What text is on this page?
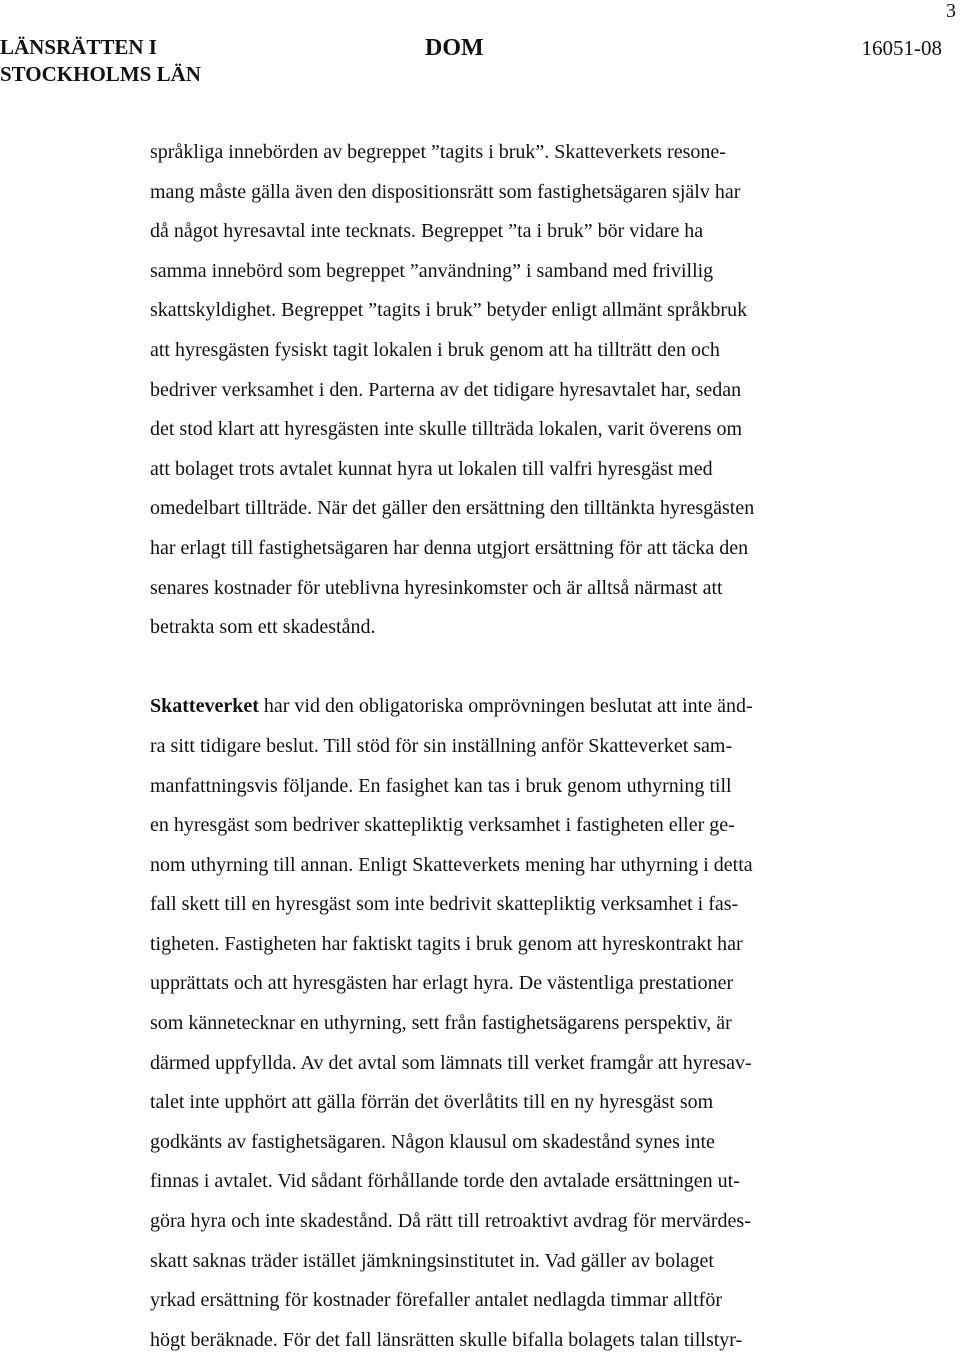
3
LÄNSRÄTTEN I
STOCKHOLMS LÄN
DOM	16051-08
språkliga innebörden av begreppet ”tagits i bruk”. Skatteverkets resone-
mang måste gälla även den dispositionsrätt som fastighetsägaren själv har
då något hyresavtal inte tecknats. Begreppet ”ta i bruk” bör vidare ha
samma innebörd som begreppet ”användning” i samband med frivillig
skattskyldighet. Begreppet ”tagits i bruk” betyder enligt allmänt språkbruk
att hyresgästen fysiskt tagit lokalen i bruk genom att ha tillträtt den och
bedriver verksamhet i den. Parterna av det tidigare hyresavtalet har, sedan
det stod klart att hyresgästen inte skulle tillträda lokalen, varit överens om
att bolaget trots avtalet kunnat hyra ut lokalen till valfri hyresgäst med
omedelbart tillträde. När det gäller den ersättning den tilltänkta hyresgästen
har erlagt till fastighetsägaren har denna utgjort ersättning för att täcka den
senares kostnader för uteblivna hyresinkomster och är alltså närmast att
betrakta som ett skadestånd.
Skatteverket har vid den obligatoriska omprövningen beslutat att inte änd-
ra sitt tidigare beslut. Till stöd för sin inställning anför Skatteverket sam-
manfattningsvis följande. En fasighet kan tas i bruk genom uthyrning till
en hyresgäst som bedriver skattepliktig verksamhet i fastigheten eller ge-
nom uthyrning till annan. Enligt Skatteverkets mening har uthyrning i detta
fall skett till en hyresgäst som inte bedrivit skattepliktig verksamhet i fas-
tigheten. Fastigheten har faktiskt tagits i bruk genom att hyreskontrakt har
upprättats och att hyresgästen har erlagt hyra. De västentliga prestationer
som kännetecknar en uthyrning, sett från fastighetsägarens perspektiv, är
därmed uppfyllda. Av det avtal som lämnats till verket framgår att hyresav-
talet inte upphört att gälla förrän det överlåtits till en ny hyresgäst som
godkänts av fastighetsägaren. Någon klausul om skadestånd synes inte
finnas i avtalet. Vid sådant förhållande torde den avtalade ersättningen ut-
göra hyra och inte skadestånd. Då rätt till retroaktivt avdrag för mervärdes-
skatt saknas träder istället jämkningsinstitutet in. Vad gäller av bolaget
yrkad ersättning för kostnader förefaller antalet nedlagda timmar alltför
högt beräknade. För det fall länsrätten skulle bifalla bolagets talan tillstyr-
